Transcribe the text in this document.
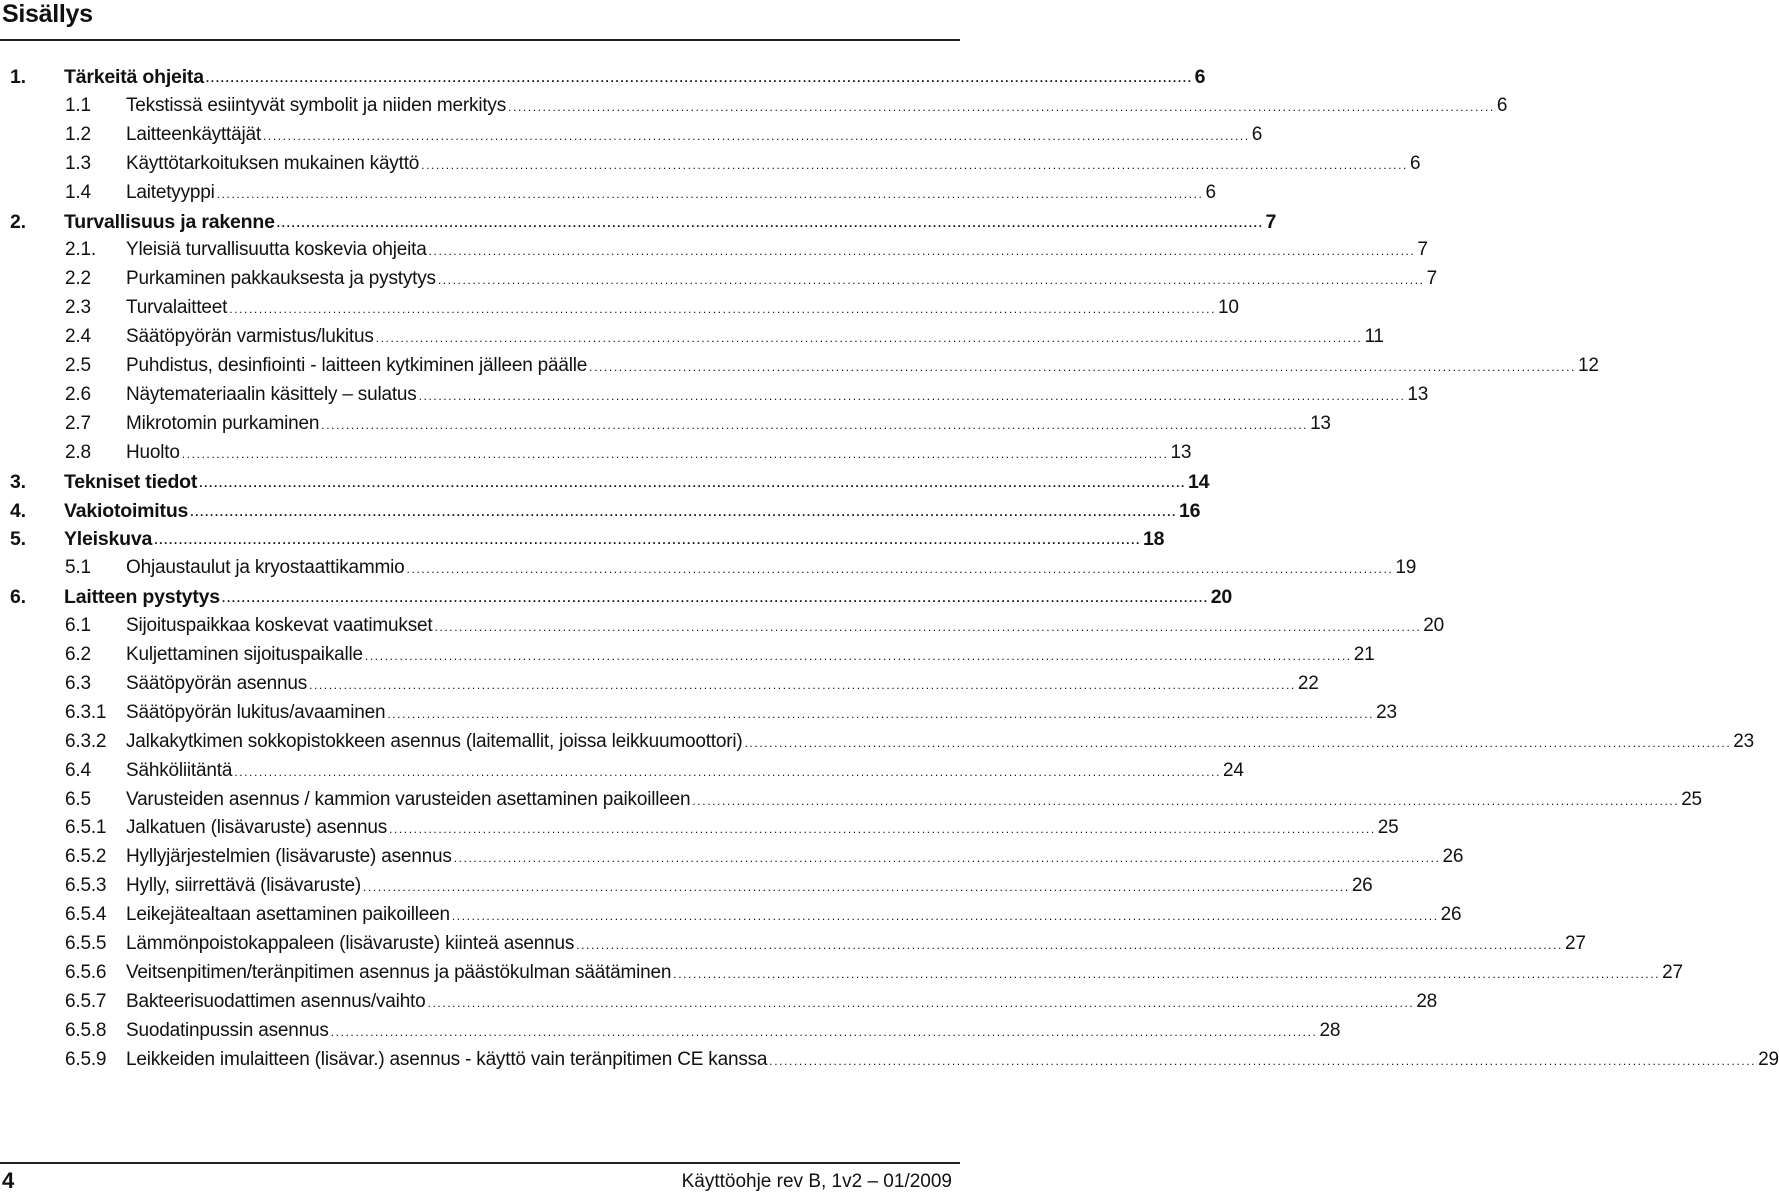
Sisällys
1. Tärkeitä ohjeita ........................................................................................................................................................................................................ 6
1.1 Tekstissä esiintyvät symbolit ja niiden merkitys ........................................................................................................................................................................................................ 6
1.2 Laitteenkäyttäjät ........................................................................................................................................................................................................ 6
1.3 Käyttötarkoituksen mukainen käyttö ........................................................................................................................................................................................................ 6
1.4 Laitetyyppi ........................................................................................................................................................................................................ 6
2. Turvallisuus ja rakenne ........................................................................................................................................................................................................ 7
2.1. Yleisiä turvallisuutta koskevia ohjeita ........................................................................................................................................................................................................ 7
2.2 Purkaminen pakkauksesta ja pystytys ........................................................................................................................................................................................................ 7
2.3 Turvalaitteet ........................................................................................................................................................................................................ 10
2.4 Säätöpyörän varmistus/lukitus ........................................................................................................................................................................................................ 11
2.5 Puhdistus, desinfiointi - laitteen kytkiminen jälleen päälle ........................................................................................................................................................................................................ 12
2.6 Näytemateriaalin käsittely – sulatus ........................................................................................................................................................................................................ 13
2.7 Mikrotomin purkaminen ........................................................................................................................................................................................................ 13
2.8 Huolto ........................................................................................................................................................................................................ 13
3. Tekniset tiedot ........................................................................................................................................................................................................ 14
4. Vakiotoimitus ........................................................................................................................................................................................................ 16
5. Yleiskuva ........................................................................................................................................................................................................ 18
5.1 Ohjaustaulut ja kryostaattikammio ........................................................................................................................................................................................................ 19
6. Laitteen pystytys ........................................................................................................................................................................................................ 20
6.1 Sijoituspaikkaa koskevat vaatimukset ........................................................................................................................................................................................................ 20
6.2 Kuljettaminen sijoituspaikalle ........................................................................................................................................................................................................ 21
6.3 Säätöpyörän asennus ........................................................................................................................................................................................................ 22
6.3.1 Säätöpyörän lukitus/avaaminen ........................................................................................................................................................................................................ 23
6.3.2 Jalkakytkimen sokkopistokkeen asennus (laitemallit, joissa leikkuumoottori) ........................................................................................................................................................................................................ 23
6.4 Sähköliitäntä ........................................................................................................................................................................................................ 24
6.5 Varusteiden asennus / kammion varusteiden asettaminen paikoilleen ........................................................................................................................................................................................................ 25
6.5.1 Jalkatuen (lisävaruste) asennus ........................................................................................................................................................................................................ 25
6.5.2 Hyllyjärjestelmien (lisävaruste) asennus ........................................................................................................................................................................................................ 26
6.5.3 Hylly, siirrettävä (lisävaruste) ........................................................................................................................................................................................................ 26
6.5.4 Leikejätealtaan asettaminen paikoilleen ........................................................................................................................................................................................................ 26
6.5.5 Lämmönpoistokappaleen (lisävaruste) kiinteä asennus ........................................................................................................................................................................................................ 27
6.5.6 Veitsenpitimen/teränpitimen asennus ja päästökulman säätäminen ........................................................................................................................................................................................................ 27
6.5.7 Bakteerisuodattimen asennus/vaihto ........................................................................................................................................................................................................ 28
6.5.8 Suodatinpussin asennus ........................................................................................................................................................................................................ 28
6.5.9 Leikkeiden imulaitteen (lisävar.) asennus - käyttö vain teränpitimen CE kanssa ........................................................................................................................................................................................................ 29
4	Käyttöohje rev B, 1v2 – 01/2009
